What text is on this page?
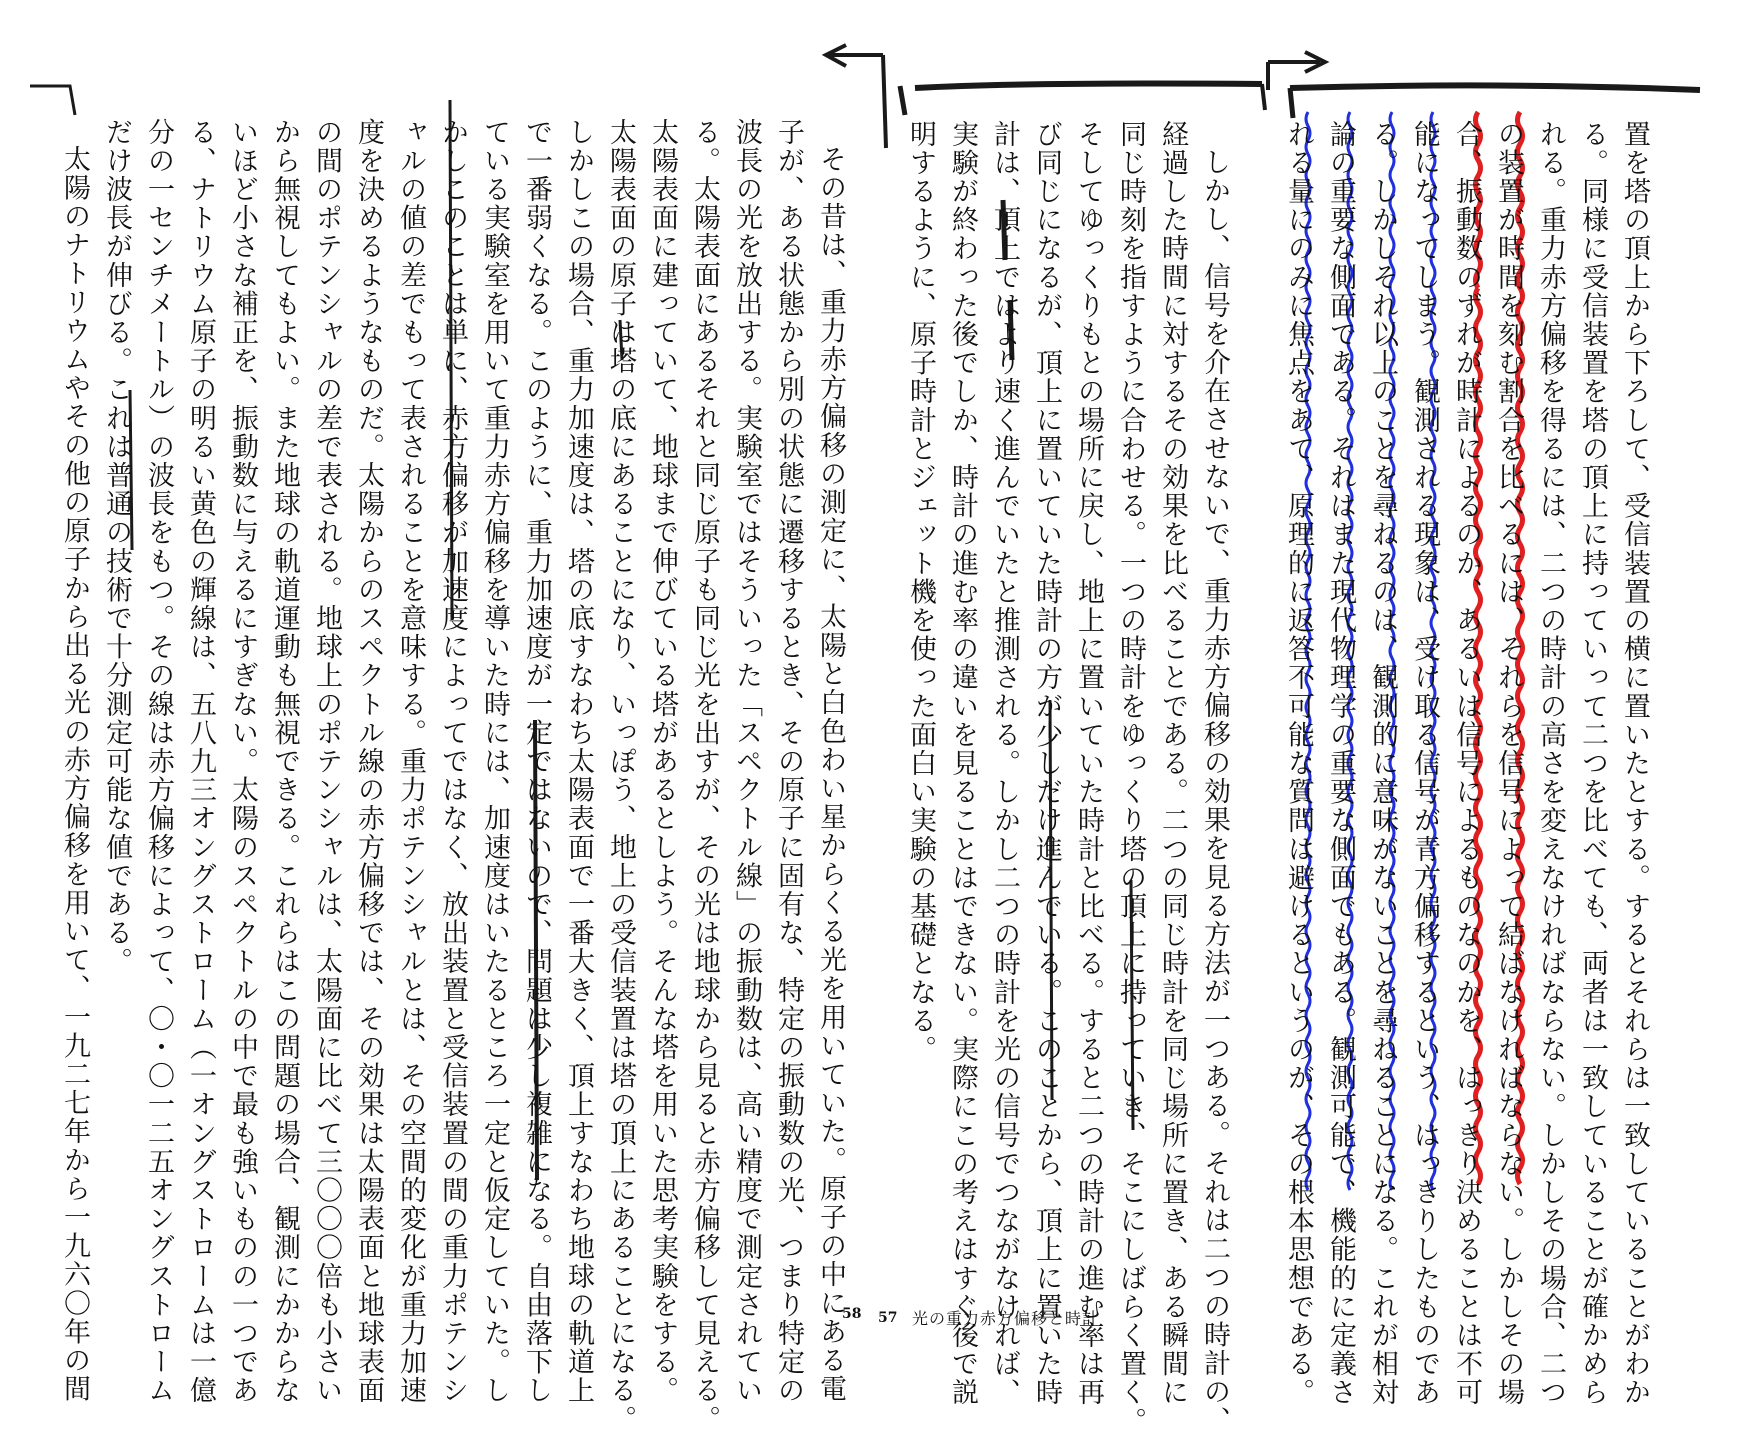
置を塔の頂上から下ろして、受信装置の横に置いたとする。するとそれらは一致していることがわか
る。同様に受信装置を塔の頂上に持っていって二つを比べても、両者は一致していることが確かめら
れる。重力赤方偏移を得るには、二つの時計の高さを変えなければならない。しかしその場合、二つ
の装置が時間を刻む割合を比べるには、それらを信号によって結ばなければならない。しかしその場
合、振動数のずれが時計によるのか、あるいは信号によるものなのかを、はっきり決めることは不可
能になってしまう。観測される現象は、受け取る信号が青方偏移するという、はっきりしたものであ
る。しかしそれ以上のことを尋ねるのは、観測的に意味がないことを尋ねることになる。これが相対
論の重要な側面である。それはまた現代物理学の重要な側面でもある。観測可能で、機能的に定義さ
れる量にのみに焦点をあて、原理的に返答不可能な質問は避けるというのが、その根本思想である。
しかし、信号を介在させないで、重力赤方偏移の効果を見る方法が一つある。それは二つの時計の、
経過した時間に対するその効果を比べることである。二つの同じ時計を同じ場所に置き、ある瞬間に
同じ時刻を指すように合わせる。一つの時計をゆっくり塔の頂上に持っていき、そこにしばらく置く。
そしてゆっくりもとの場所に戻し、地上に置いていた時計と比べる。すると二つの時計の進む率は再
び同じになるが、頂上に置いていた時計の方が少しだけ進んでいる。このことから、頂上に置いた時
計は、頂上ではより速く進んでいたと推測される。しかし二つの時計を光の信号でつながなければ、
実験が終わった後でしか、時計の進む率の違いを見ることはできない。実際にこの考えはすぐ後で説
明するように、原子時計とジェット機を使った面白い実験の基礎となる。
その昔は、重力赤方偏移の測定に、太陽と白色わい星からくる光を用いていた。原子の中にある電
子が、ある状態から別の状態に遷移するとき、その原子に固有な、特定の振動数の光、つまり特定の
波長の光を放出する。実験室ではそういった「スペクトル線」の振動数は、高い精度で測定されてい
る。太陽表面にあるそれと同じ原子も同じ光を出すが、その光は地球から見ると赤方偏移して見える。
太陽表面に建っていて、地球まで伸びている塔があるとしよう。そんな塔を用いた思考実験をする。
太陽表面の原子は塔の底にあることになり、いっぽう、地上の受信装置は塔の頂上にあることになる。
しかしこの場合、重力加速度は、塔の底すなわち太陽表面で一番大きく、頂上すなわち地球の軌道上
で一番弱くなる。このように、重力加速度が一定ではないので、問題は少し複雑になる。自由落下し
ている実験室を用いて重力赤方偏移を導いた時には、加速度はいたるところ一定と仮定していた。し
かしこのことは単に、赤方偏移が加速度によってではなく、放出装置と受信装置の間の重力ポテンシ
ャルの値の差でもって表されることを意味する。重力ポテンシャルとは、その空間的変化が重力加速
度を決めるようなものだ。太陽からのスペクトル線の赤方偏移では、その効果は太陽表面と地球表面
の間のポテンシャルの差で表される。地球上のポテンシャルは、太陽面に比べて三〇〇〇倍も小さい
から無視してもよい。また地球の軌道運動も無視できる。これらはこの問題の場合、観測にかからな
いほど小さな補正を、振動数に与えるにすぎない。太陽のスペクトルの中で最も強いものの一つであ
る、ナトリウム原子の明るい黄色の輝線は、五八九三オングストローム（一オングストロームは一億
分の一センチメートル）の波長をもつ。その線は赤方偏移によって、〇・〇一二五オングストローム
だけ波長が伸びる。これは普通の技術で十分測定可能な値である。
太陽のナトリウムやその他の原子から出る光の赤方偏移を用いて、一九二七年から一九六〇年の間	58 57 光の重力赤方偏移と時計
